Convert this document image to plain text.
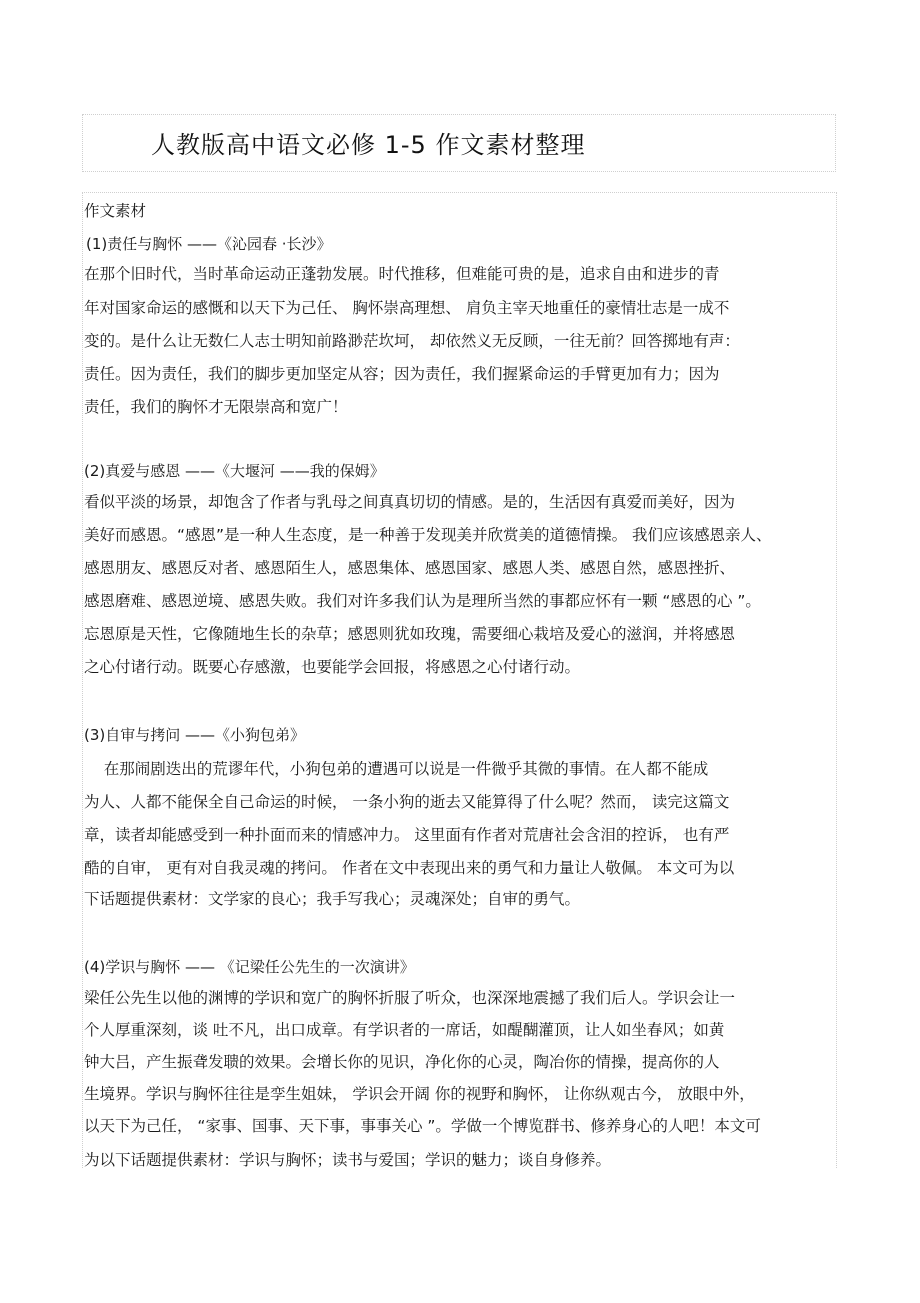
人教版高中语文必修 1-5 作文素材整理
作文素材
(1)责任与胸怀 ——《沁园春 ·长沙》
在那个旧时代，当时革命运动正蓬勃发展。时代推移，但难能可贵的是，追求自由和进步的青
年对国家命运的感慨和以天下为己任、 胸怀崇高理想、 肩负主宰天地重任的豪情壮志是一成不
变的。是什么让无数仁人志士明知前路渺茫坎坷， 却依然义无反顾，一往无前？回答掷地有声：
责任。因为责任，我们的脚步更加坚定从容；因为责任，我们握紧命运的手臂更加有力；因为
责任，我们的胸怀才无限崇高和宽广！
(2)真爱与感恩 ——《大堰河 ——我的保姆》
看似平淡的场景，却饱含了作者与乳母之间真真切切的情感。是的，生活因有真爱而美好，因为
美好而感恩。“感恩”是一种人生态度，是一种善于发现美并欣赏美的道德情操。 我们应该感恩亲人、
感恩朋友、感恩反对者、感恩陌生人，感恩集体、感恩国家、感恩人类、感恩自然，感恩挫折、
感恩磨难、感恩逆境、感恩失败。我们对许多我们认为是理所当然的事都应怀有一颗 “感恩的心 ”。
忘恩原是天性，它像随地生长的杂草；感恩则犹如玫瑰，需要细心栽培及爱心的滋润，并将感恩
之心付诸行动。既要心存感激，也要能学会回报，将感恩之心付诸行动。
(3)自审与拷问 ——《小狗包弟》
在那闹剧迭出的荒谬年代，小狗包弟的遭遇可以说是一件微乎其微的事情。在人都不能成
为人、人都不能保全自己命运的时候， 一条小狗的逝去又能算得了什么呢？然而， 读完这篇文
章，读者却能感受到一种扑面而来的情感冲力。 这里面有作者对荒唐社会含泪的控诉， 也有严
酷的自审， 更有对自我灵魂的拷问。 作者在文中表现出来的勇气和力量让人敬佩。 本文可为以
下话题提供素材：文学家的良心；我手写我心；灵魂深处；自审的勇气。
(4)学识与胸怀 —— 《记梁任公先生的一次演讲》
梁任公先生以他的渊博的学识和宽广的胸怀折服了听众，也深深地震撼了我们后人。学识会让一
个人厚重深刻，谈 吐不凡，出口成章。有学识者的一席话，如醍醐灌顶，让人如坐春风；如黄
钟大吕，产生振聋发聩的效果。会增长你的见识，净化你的心灵，陶冶你的情操，提高你的人
生境界。学识与胸怀往往是孪生姐妹， 学识会开阔 你的视野和胸怀， 让你纵观古今， 放眼中外，
以天下为己任， “家事、国事、天下事，事事关心 ”。学做一个博览群书、修养身心的人吧！本文可
为以下话题提供素材：学识与胸怀；读书与爱国；学识的魅力；谈自身修养。
